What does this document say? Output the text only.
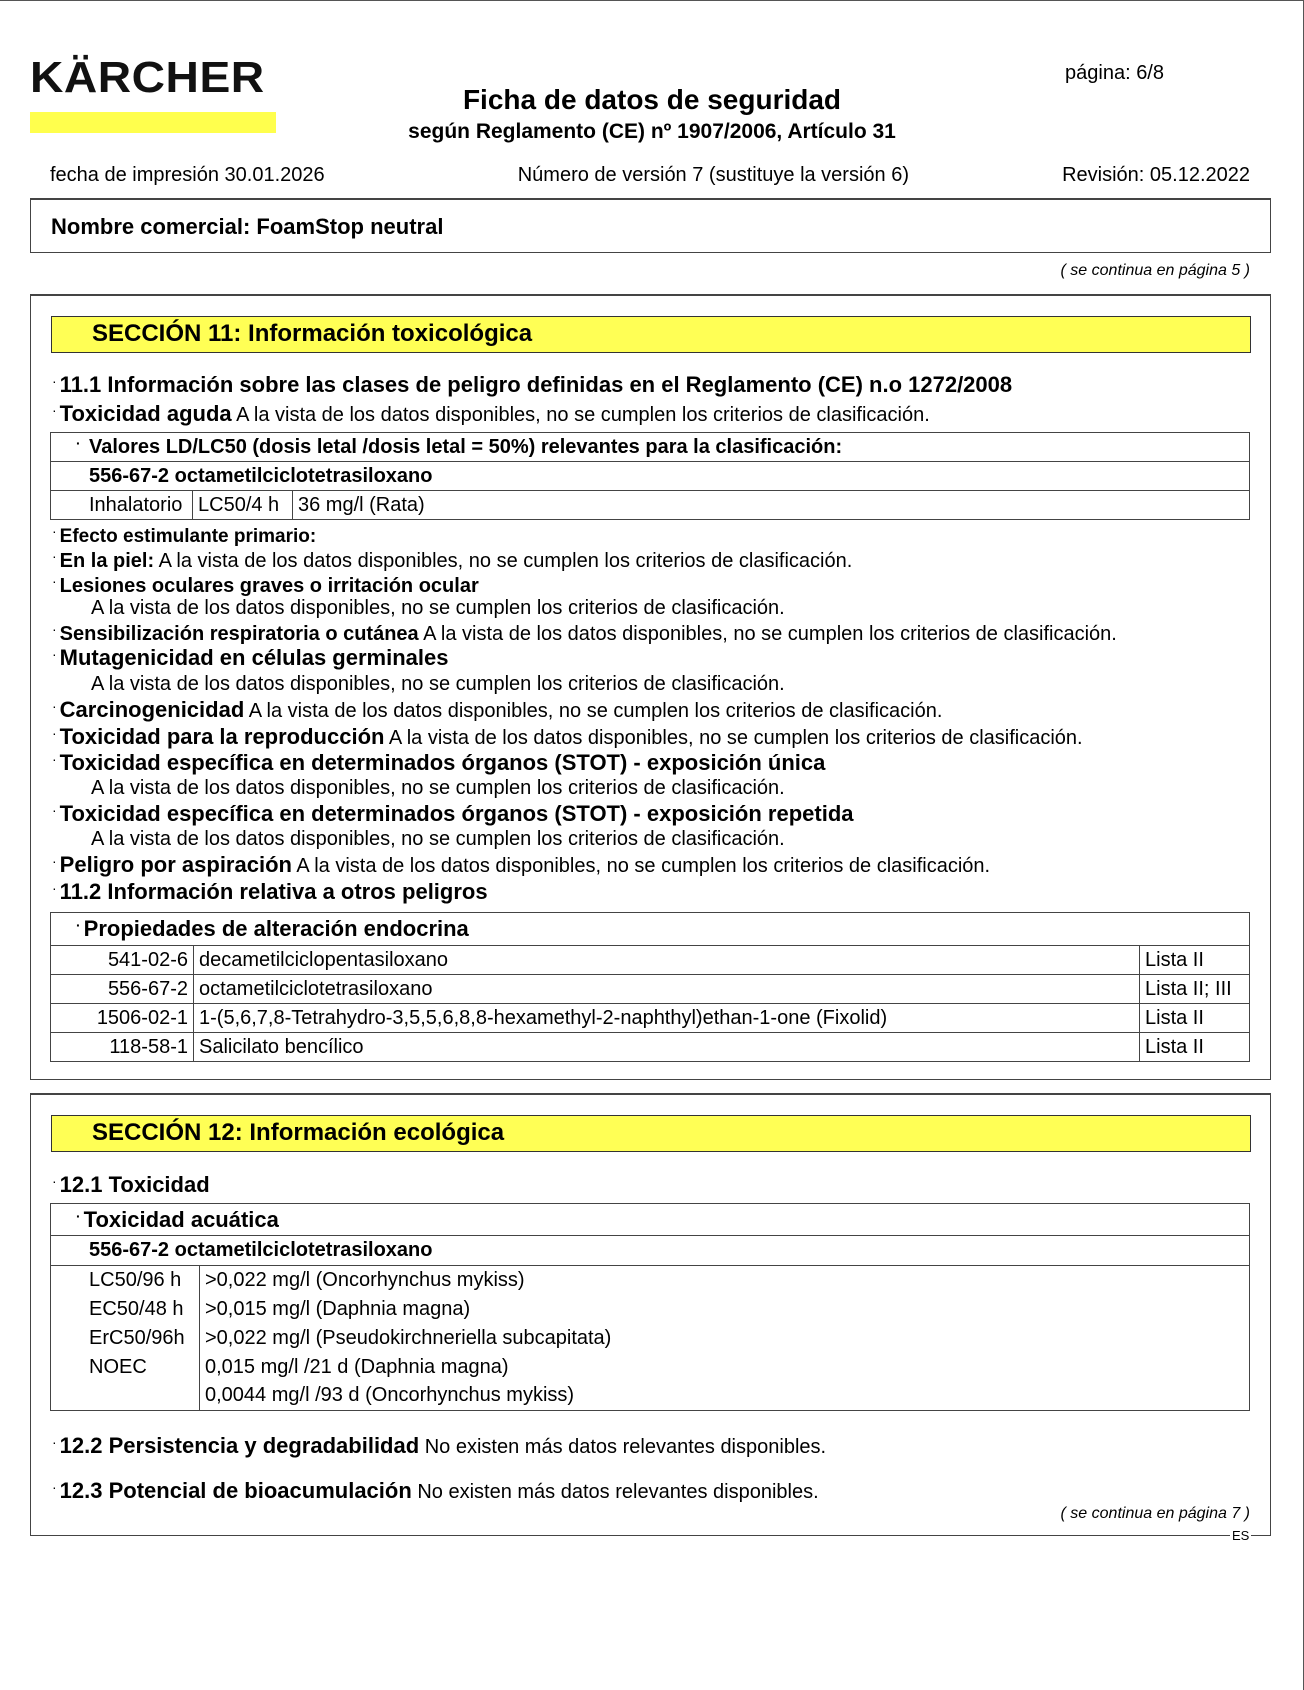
KÄRCHER	página: 6/8
Ficha de datos de seguridad
según Reglamento (CE) nº 1907/2006, Artículo 31
fecha de impresión 30.01.2026	Número de versión 7 (sustituye la versión 6)	Revisión: 05.12.2022
Nombre comercial: FoamStop neutral
( se continua en página 5 )
SECCIÓN 11: Información toxicológica
· 11.1 Información sobre las clases de peligro definidas en el Reglamento (CE) n.o 1272/2008
· Toxicidad aguda A la vista de los datos disponibles, no se cumplen los criterios de clasificación.
· Valores LD/LC50 (dosis letal /dosis letal = 50%) relevantes para la clasificación:
556-67-2 octametilciclotetrasiloxano
Inhalatorio	LC50/4 h	36 mg/l (Rata)
· Efecto estimulante primario:
· En la piel: A la vista de los datos disponibles, no se cumplen los criterios de clasificación.
· Lesiones oculares graves o irritación ocular
A la vista de los datos disponibles, no se cumplen los criterios de clasificación.
· Sensibilización respiratoria o cutánea A la vista de los datos disponibles, no se cumplen los criterios de clasificación.
· Mutagenicidad en células germinales
A la vista de los datos disponibles, no se cumplen los criterios de clasificación.
· Carcinogenicidad A la vista de los datos disponibles, no se cumplen los criterios de clasificación.
· Toxicidad para la reproducción A la vista de los datos disponibles, no se cumplen los criterios de clasificación.
· Toxicidad específica en determinados órganos (STOT) - exposición única
A la vista de los datos disponibles, no se cumplen los criterios de clasificación.
· Toxicidad específica en determinados órganos (STOT) - exposición repetida
A la vista de los datos disponibles, no se cumplen los criterios de clasificación.
· Peligro por aspiración A la vista de los datos disponibles, no se cumplen los criterios de clasificación.
· 11.2 Información relativa a otros peligros
· Propiedades de alteración endocrina		
541-02-6	decametilciclopentasiloxano	Lista II
556-67-2	octametilciclotetrasiloxano	Lista II; III
1506-02-1	1-(5,6,7,8-Tetrahydro-3,5,5,6,8,8-hexamethyl-2-naphthyl)ethan-1-one (Fixolid)	Lista II
118-58-1	Salicilato bencílico	Lista II
SECCIÓN 12: Información ecológica
· 12.1 Toxicidad
· Toxicidad acuática	
556-67-2 octametilciclotetrasiloxano	
LC50/96 h	>0,022 mg/l (Oncorhynchus mykiss)
EC50/48 h	>0,015 mg/l (Daphnia magna)
ErC50/96h	>0,022 mg/l (Pseudokirchneriella subcapitata)
NOEC	0,015 mg/l /21 d (Daphnia magna)
	0,0044 mg/l /93 d (Oncorhynchus mykiss)
· 12.2 Persistencia y degradabilidad No existen más datos relevantes disponibles.
· 12.3 Potencial de bioacumulación No existen más datos relevantes disponibles.
( se continua en página 7 )
ES
